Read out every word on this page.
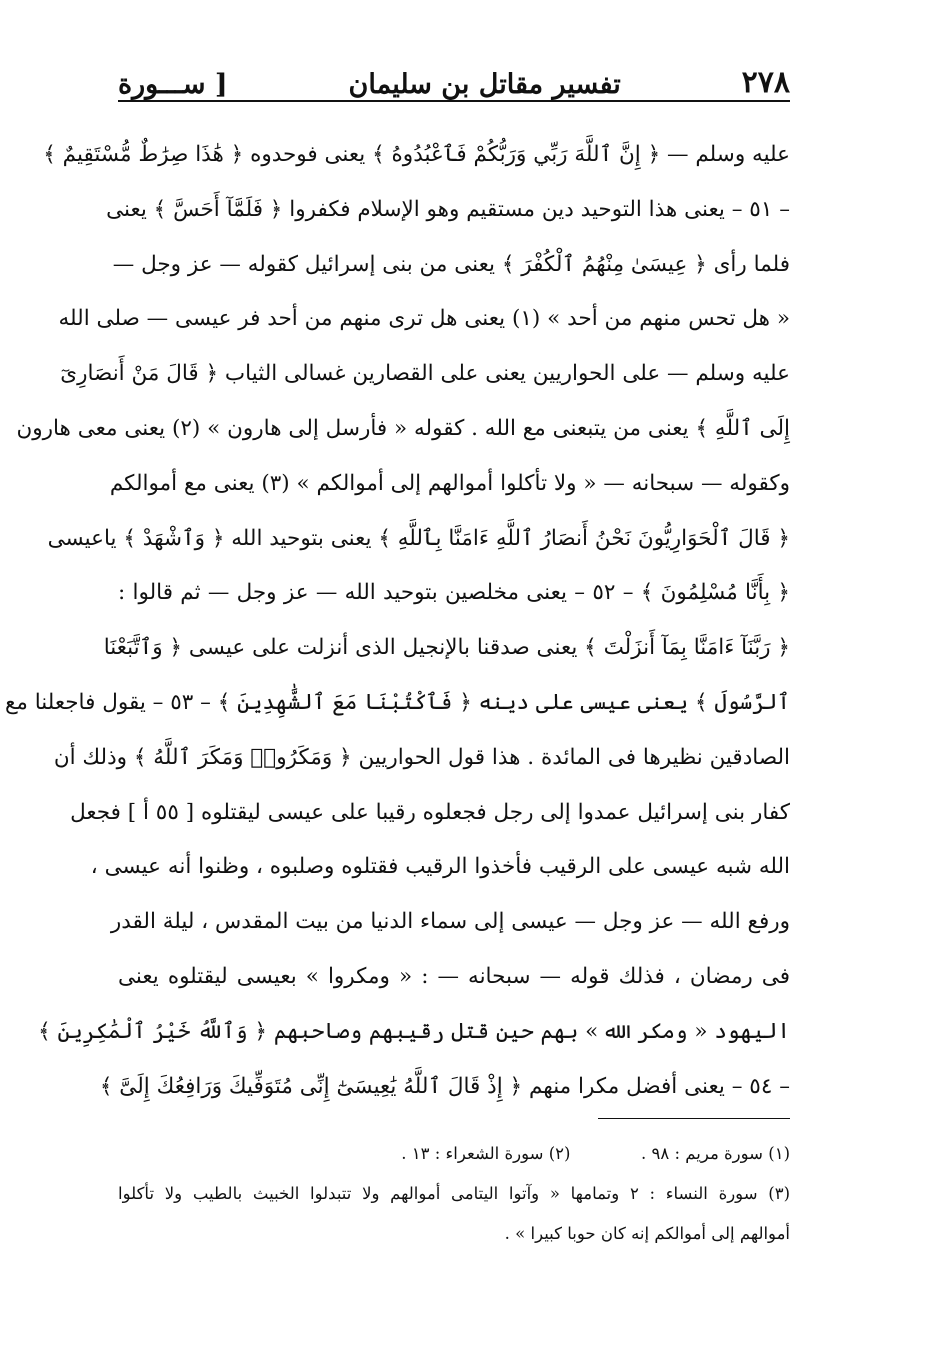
٢٧٨
تفسير مقاتل بن سليمان
[ ســـورة
عليه وسلم — ﴿ إِنَّ ٱللَّهَ رَبِّي وَرَبُّكُمْ فَٱعْبُدُوهُ ﴾ يعنى فوحدوه ﴿ هَٰذَا صِرَٰطٌ مُّسْتَقِيمٌ ﴾
– ٥١ – يعنى هذا التوحيد دين مستقيم وهو الإسلام فكفروا ﴿ فَلَمَّآ أَحَسَّ ﴾ يعنى
فلما رأى ﴿ عِيسَىٰ مِنْهُمُ ٱلْكُفْرَ ﴾ يعنى من بنى إسرائيل كقوله — عز وجل —
« هل تحس منهم من أحد » (١) يعنى هل ترى منهم من أحد فر عيسى — صلى الله
عليه وسلم — على الحواريين يعنى على القصارين غسالى الثياب ﴿ قَالَ مَنْ أَنصَارِىٓ
إِلَى ٱللَّهِ ﴾ يعنى من يتبعنى مع الله . كقوله « فأرسل إلى هارون » (٢) يعنى معى هارون
وكقوله — سبحانه — « ولا تأكلوا أموالهم إلى أموالكم » (٣) يعنى مع أموالكم
﴿ قَالَ ٱلْحَوَارِيُّونَ نَحْنُ أَنصَارُ ٱللَّهِ ءَامَنَّا بِٱللَّهِ ﴾ يعنى بتوحيد الله ﴿ وَٱشْهَدْ ﴾ ياعيسى
﴿ بِأَنَّا مُسْلِمُونَ ﴾ – ٥٢ – يعنى مخلصين بتوحيد الله — عز وجل — ثم قالوا :
﴿ رَبَّنَآ ءَامَنَّا بِمَآ أَنزَلْتَ ﴾ يعنى صدقنا بالإنجيل الذى أنزلت على عيسى ﴿ وَٱتَّبَعْنَا
ٱلرَّسُولَ ﴾ يعنى عيسى على دينه ﴿ فَٱكْتُبْنَا مَعَ ٱلشَّٰهِدِينَ ﴾ – ٥٣ – يقول فاجعلنا مع
الصادقين نظيرها فى المائدة . هذا قول الحواريين ﴿ وَمَكَرُوا۟ وَمَكَرَ ٱللَّهُ ﴾ وذلك أن
كفار بنى إسرائيل عمدوا إلى رجل فجعلوه رقيبا على عيسى ليقتلوه [ ٥٥ أ ] فجعل
الله شبه عيسى على الرقيب فأخذوا الرقيب فقتلوه وصلبوه ، وظنوا أنه عيسى ،
ورفع الله — عز وجل — عيسى إلى سماء الدنيا من بيت المقدس ، ليلة القدر
فى رمضان ، فذلك قوله — سبحانه — : « ومكروا » بعيسى ليقتلوه يعنى
اليهود « ومكر الله » بهم حين قتل رقيبهم وصاحبهم ﴿ وَٱللَّهُ خَيْرُ ٱلْمَٰكِرِينَ ﴾
– ٥٤ – يعنى أفضل مكرا منهم ﴿ إِذْ قَالَ ٱللَّهُ يَٰعِيسَىٰٓ إِنِّى مُتَوَفِّيكَ وَرَافِعُكَ إِلَىَّ ﴾
(١) سورة مريم : ٩٨ .  (٢) سورة الشعراء : ١٣ .
(٣) سورة النساء : ٢ وتمامها « وآتوا اليتامى أموالهم ولا تتبدلوا الخبيث بالطيب ولا تأكلوا
أموالهم إلى أموالكم إنه كان حوبا كبيرا » .
